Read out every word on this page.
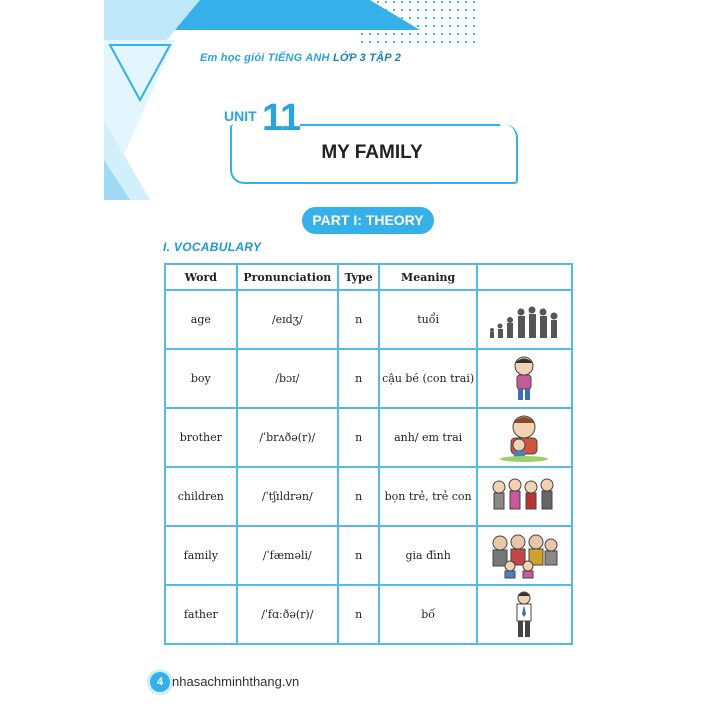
Em học giỏi TIẾNG ANH LỚP 3 TẬP 2
UNIT 11
MY FAMILY
PART I: THEORY
I. VOCABULARY
Word	Pronunciation	Type	Meaning	
age	/eɪdʒ/	n	tuổi	

boy	/bɔɪ/	n	cậu bé (con trai)	

brother	/ˈbrʌðə(r)/	n	anh/ em trai	

children	/ˈtʃɪldrən/	n	bọn trẻ, trẻ con	

family	/ˈfæməli/	n	gia đình	

father	/ˈfɑːðə(r)/	n	bố	
4 nhasachminhthang.vn
